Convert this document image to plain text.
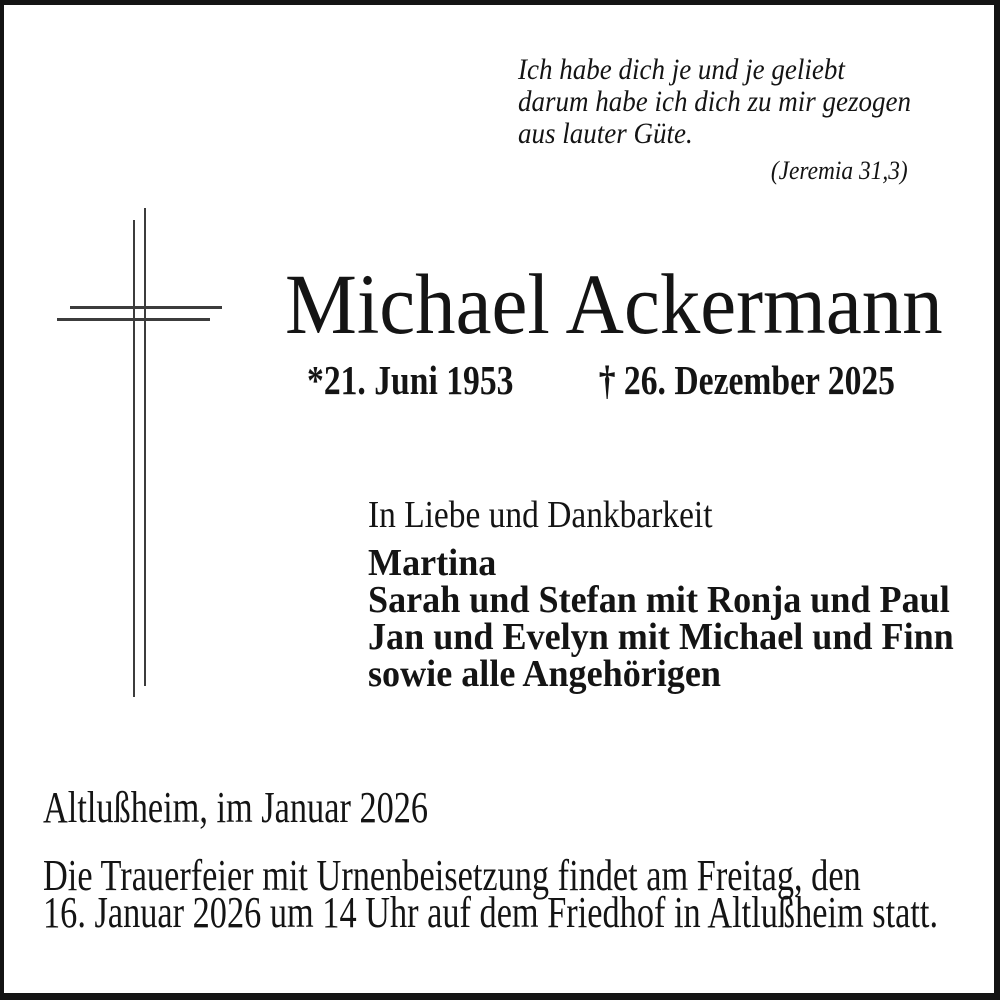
Ich habe dich je und je geliebt
darum habe ich dich zu mir gezogen
aus lauter Güte.
(Jeremia 31,3)
Michael Ackermann
*21. Juni 1953 † 26. Dezember 2025

In Liebe und Dankbarkeit

Martina
Sarah und Stefan mit Ronja und Paul
Jan und Evelyn mit Michael und Finn
sowie alle Angehörigen
Altlußheim, im Januar 2026
Die Trauerfeier mit Urnenbeisetzung findet am Freitag, den
16. Januar 2026 um 14 Uhr auf dem Friedhof in Altlußheim statt.
